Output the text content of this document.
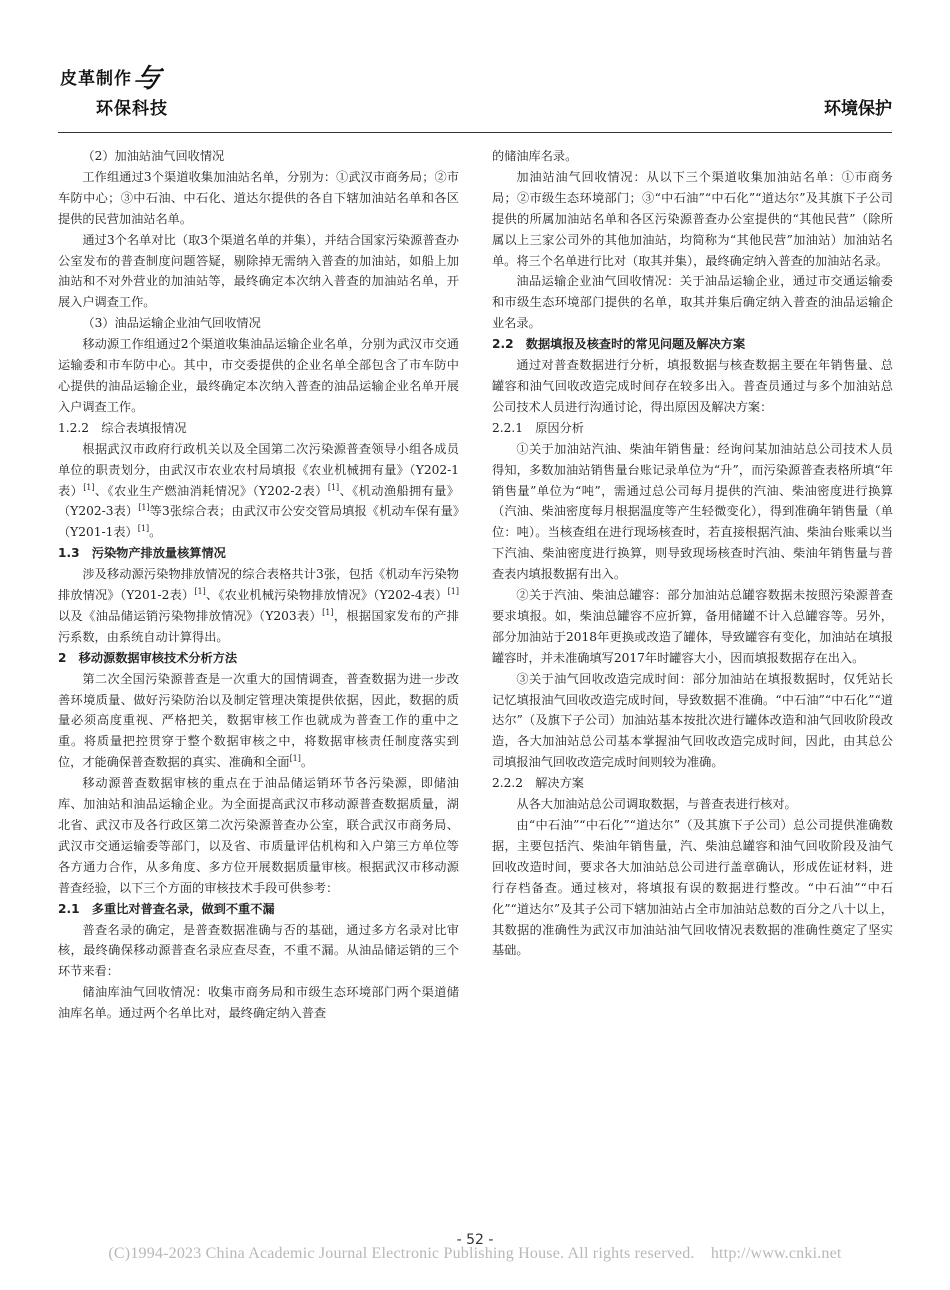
皮革制作
与
环保科技	环境保护

（2）加油站油气回收情况

工作组通过3个渠道收集加油站名单，分别为：①武汉市商务局；②市车防中心；③中石油、中石化、道达尔提供的各自下辖加油站名单和各区提供的民营加油站名单。

通过3个名单对比（取3个渠道名单的并集），并结合国家污染源普查办公室发布的普查制度问题答疑，剔除掉无需纳入普查的加油站，如船上加油站和不对外营业的加油站等，最终确定本次纳入普查的加油站名单，开展入户调查工作。

（3）油品运输企业油气回收情况

移动源工作组通过2个渠道收集油品运输企业名单，分别为武汉市交通运输委和市车防中心。其中，市交委提供的企业名单全部包含了市车防中心提供的油品运输企业，最终确定本次纳入普查的油品运输企业名单开展入户调查工作。

1.2.2　综合表填报情况

根据武汉市政府行政机关以及全国第二次污染源普查领导小组各成员单位的职责划分，由武汉市农业农村局填报《农业机械拥有量》（Y202-1表）[1]、《农业生产燃油消耗情况》（Y202-2表）[1]、《机动渔船拥有量》（Y202-3表）[1]等3张综合表；由武汉市公安交管局填报《机动车保有量》（Y201-1表）[1]。

1.3　污染物产排放量核算情况

涉及移动源污染物排放情况的综合表格共计3张，包括《机动车污染物排放情况》（Y201-2表）[1]、《农业机械污染物排放情况》（Y202-4表）[1]以及《油品储运销污染物排放情况》（Y203表）[1]，根据国家发布的产排污系数，由系统自动计算得出。

2　移动源数据审核技术分析方法

第二次全国污染源普查是一次重大的国情调查，普查数据为进一步改善环境质量、做好污染防治以及制定管理决策提供依据，因此，数据的质量必须高度重视、严格把关，数据审核工作也就成为普查工作的重中之重。将质量把控贯穿于整个数据审核之中，将数据审核责任制度落实到位，才能确保普查数据的真实、准确和全面[1]。

移动源普查数据审核的重点在于油品储运销环节各污染源，即储油库、加油站和油品运输企业。为全面提高武汉市移动源普查数据质量，湖北省、武汉市及各行政区第二次污染源普查办公室，联合武汉市商务局、武汉市交通运输委等部门，以及省、市质量评估机构和入户第三方单位等各方通力合作，从多角度、多方位开展数据质量审核。根据武汉市移动源普查经验，以下三个方面的审核技术手段可供参考：

2.1　多重比对普查名录，做到不重不漏

普查名录的确定，是普查数据准确与否的基础，通过多方名录对比审核，最终确保移动源普查名录应查尽查，不重不漏。从油品储运销的三个环节来看：

储油库油气回收情况：收集市商务局和市级生态环境部门两个渠道储油库名单。通过两个名单比对，最终确定纳入普查

的储油库名录。

加油站油气回收情况：从以下三个渠道收集加油站名单：①市商务局；②市级生态环境部门；③“中石油”“中石化”“道达尔”及其旗下子公司提供的所属加油站名单和各区污染源普查办公室提供的“其他民营”（除所属以上三家公司外的其他加油站，均简称为“其他民营”加油站）加油站名单。将三个名单进行比对（取其并集），最终确定纳入普查的加油站名录。

油品运输企业油气回收情况：关于油品运输企业，通过市交通运输委和市级生态环境部门提供的名单，取其并集后确定纳入普查的油品运输企业名录。

2.2　数据填报及核查时的常见问题及解决方案

通过对普查数据进行分析，填报数据与核查数据主要在年销售量、总罐容和油气回收改造完成时间存在较多出入。普查员通过与多个加油站总公司技术人员进行沟通讨论，得出原因及解决方案：

2.2.1　原因分析

①关于加油站汽油、柴油年销售量：经询问某加油站总公司技术人员得知，多数加油站销售量台账记录单位为“升”，而污染源普查表格所填“年销售量”单位为“吨”，需通过总公司每月提供的汽油、柴油密度进行换算（汽油、柴油密度每月根据温度等产生轻微变化），得到准确年销售量（单位：吨）。当核查组在进行现场核查时，若直接根据汽油、柴油台账乘以当下汽油、柴油密度进行换算，则导致现场核查时汽油、柴油年销售量与普查表内填报数据有出入。

②关于汽油、柴油总罐容：部分加油站总罐容数据未按照污染源普查要求填报。如，柴油总罐容不应折算，备用储罐不计入总罐容等。另外，部分加油站于2018年更换或改造了罐体，导致罐容有变化，加油站在填报罐容时，并未准确填写2017年时罐容大小，因而填报数据存在出入。

③关于油气回收改造完成时间：部分加油站在填报数据时，仅凭站长记忆填报油气回收改造完成时间，导致数据不准确。“中石油”“中石化”“道达尔”（及旗下子公司）加油站基本按批次进行罐体改造和油气回收阶段改造，各大加油站总公司基本掌握油气回收改造完成时间，因此，由其总公司填报油气回收改造完成时间则较为准确。

2.2.2　解决方案

从各大加油站总公司调取数据，与普查表进行核对。

由“中石油”“中石化”“道达尔”（及其旗下子公司）总公司提供准确数据，主要包括汽、柴油年销售量，汽、柴油总罐容和油气回收阶段及油气回收改造时间，要求各大加油站总公司进行盖章确认，形成佐证材料，进行存档备查。通过核对，将填报有误的数据进行整改。“中石油”“中石化”“道达尔”及其子公司下辖加油站占全市加油站总数的百分之八十以上，其数据的准确性为武汉市加油站油气回收情况表数据的准确性奠定了坚实基础。

- 52 -
(C)1994-2023 China Academic Journal Electronic Publishing House. All rights reserved.　http://www.cnki.net
